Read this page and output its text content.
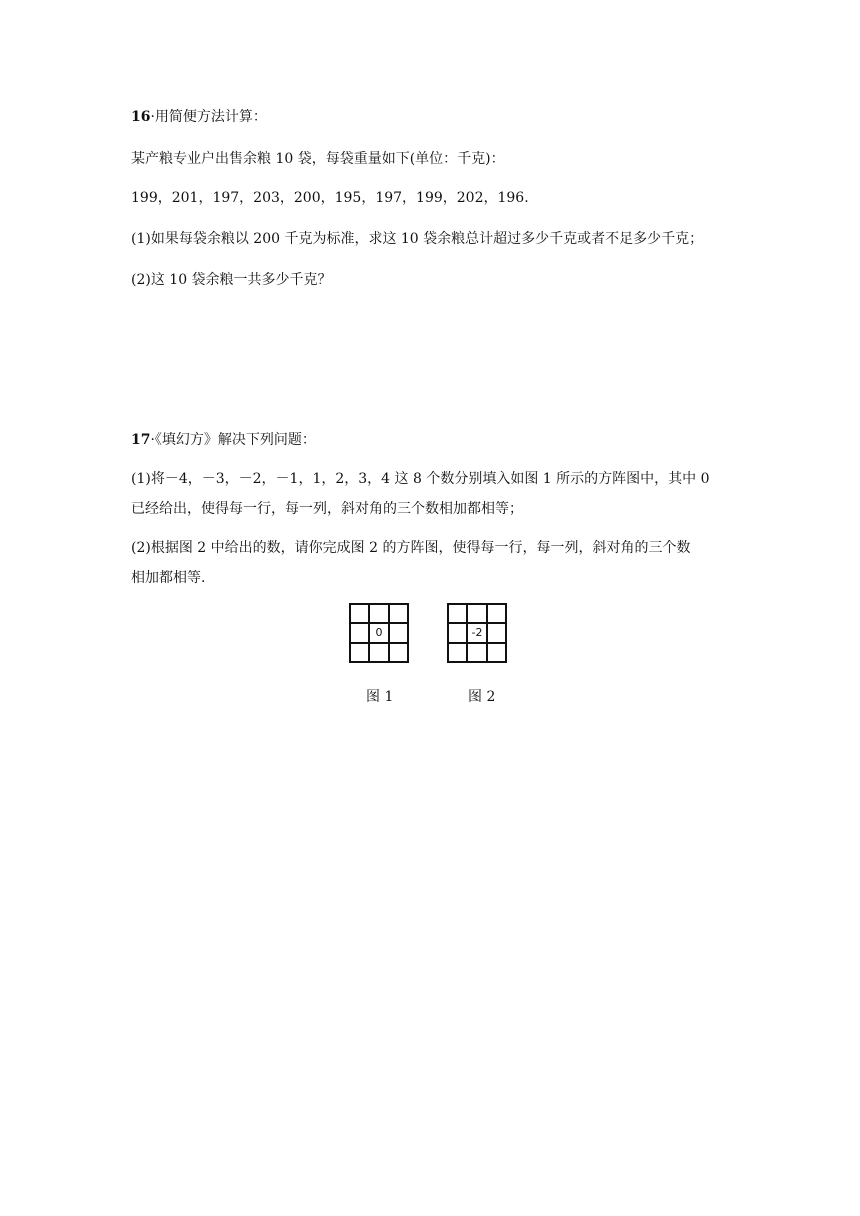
16·用简便方法计算：
某产粮专业户出售余粮 10 袋，每袋重量如下(单位：千克)：
199，201，197，203，200，195，197，199，202，196.
(1)如果每袋余粮以 200 千克为标准，求这 10 袋余粮总计超过多少千克或者不足多少千克；
(2)这 10 袋余粮一共多少千克？
17·《填幻方》解决下列问题：
(1)将－4，－3，－2，－1，1，2，3，4 这 8 个数分别填入如图 1 所示的方阵图中，其中 0
已经给出，使得每一行，每一列，斜对角的三个数相加都相等；
(2)根据图 2 中给出的数，请你完成图 2 的方阵图，使得每一行，每一列，斜对角的三个数
相加都相等.
0
图 1
-2
图 2
